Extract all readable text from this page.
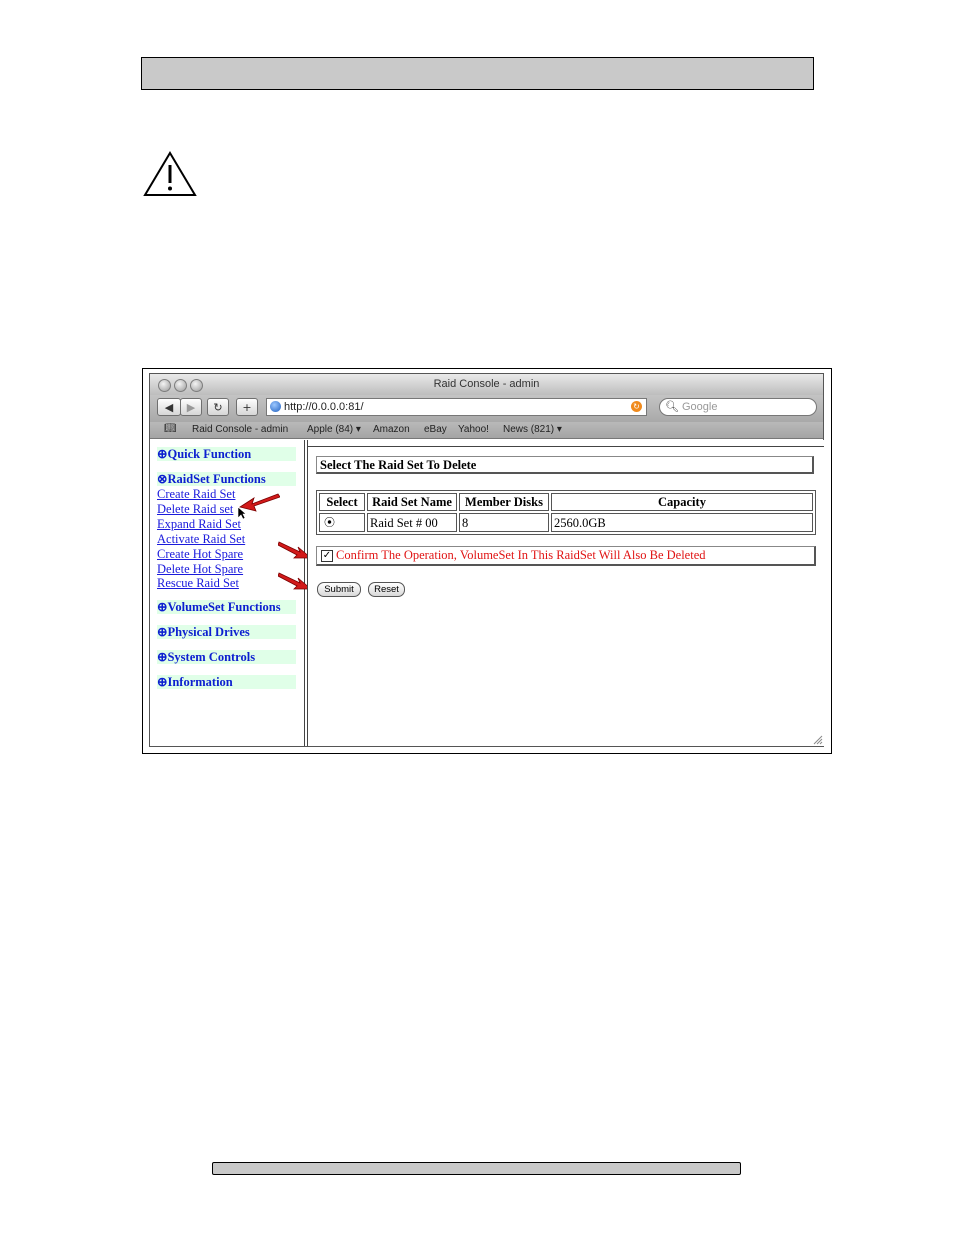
Raid Console - admin
◀	▶	↻	+	http://0.0.0.0:81/	↻ 🔍︎ Google
📖︎ Raid Console - admin Apple (84) ▾ Amazon eBay Yahoo! News (821) ▾
⊕Quick Function
⊗RaidSet Functions
Create Raid Set
Delete Raid set
Expand Raid Set
Activate Raid Set
Create Hot Spare
Delete Hot Spare
Rescue Raid Set
⊕VolumeSet Functions
⊕Physical Drives
⊕System Controls
⊕Information
Select The Raid Set To Delete
Select	Raid Set Name	Member Disks	Capacity
⦿	Raid Set # 00	8	2560.0GB
✓ Confirm The Operation, VolumeSet In This RaidSet Will Also Be Deleted
Submit	Reset
